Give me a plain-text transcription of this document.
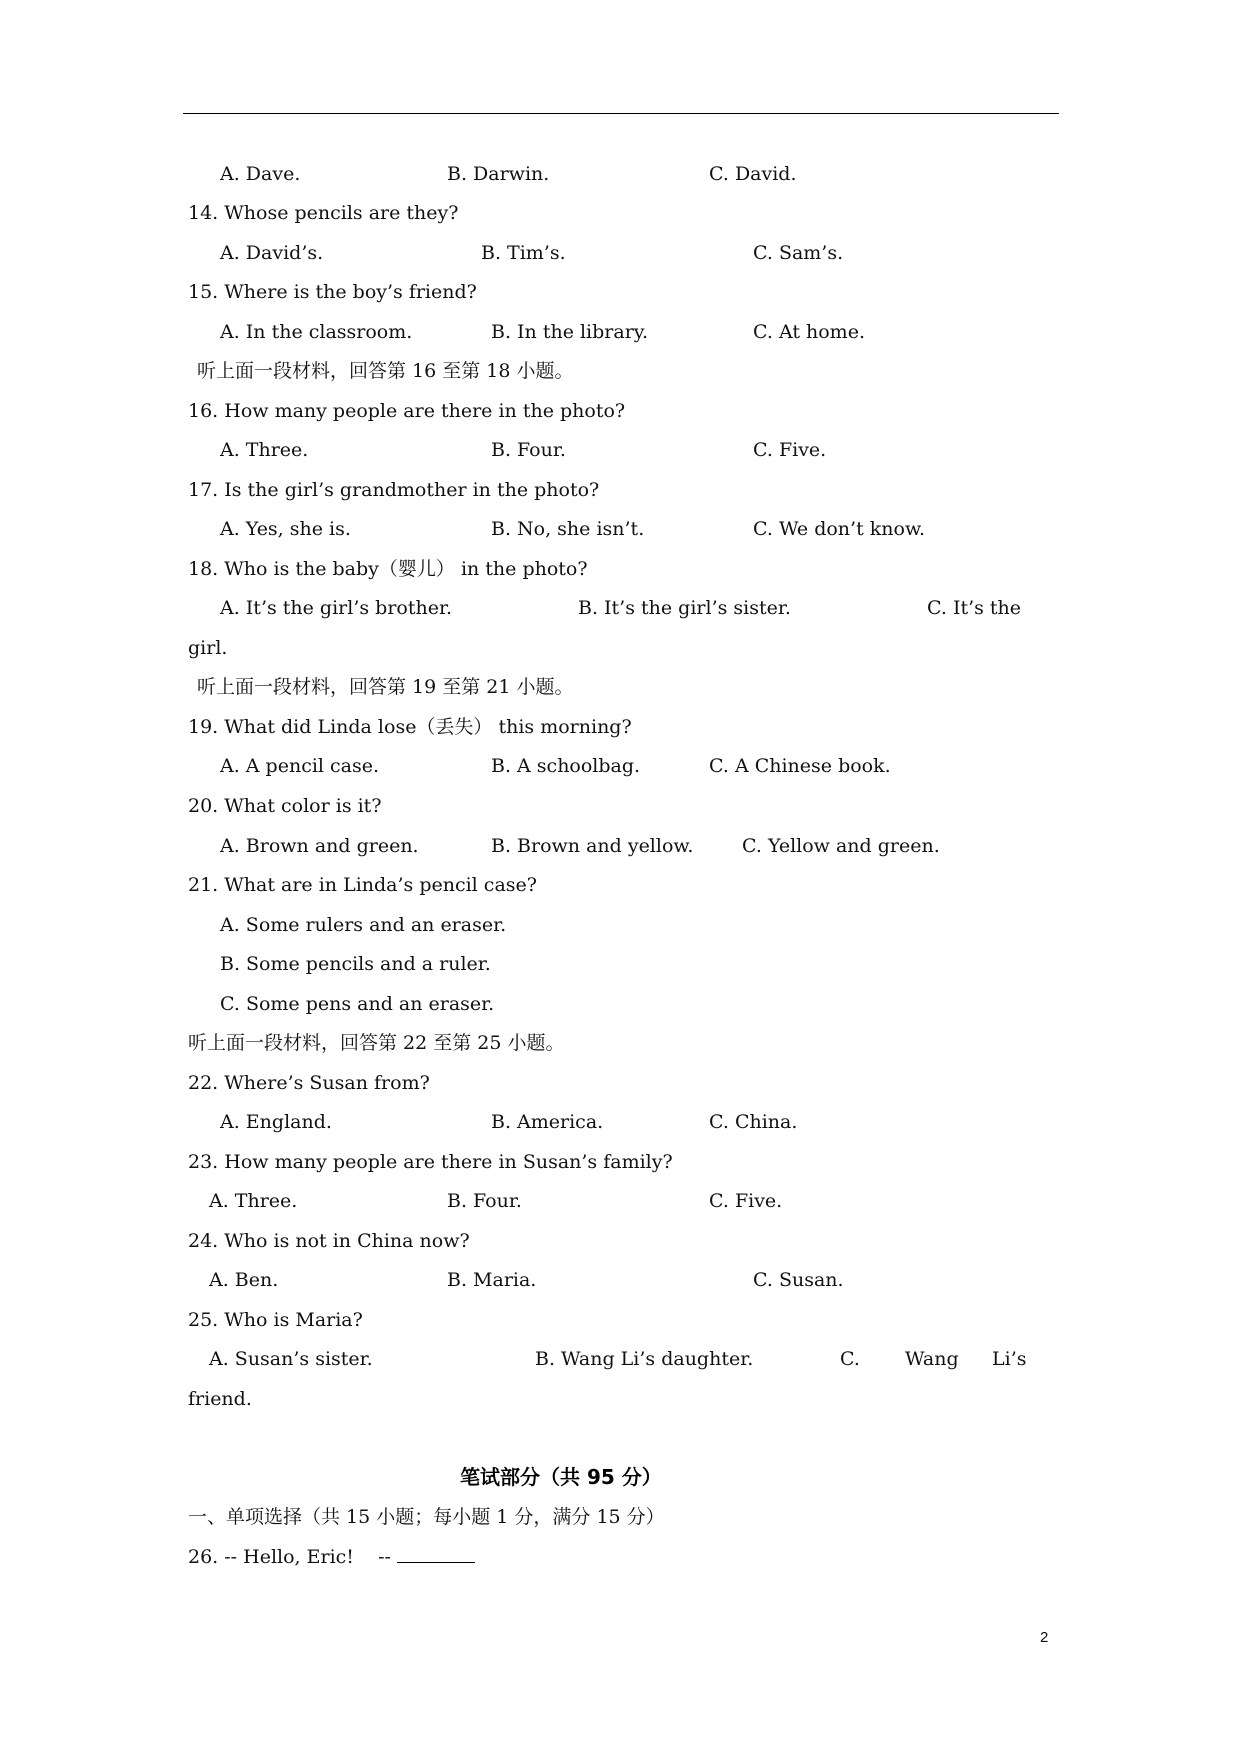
A. Dave.	B. Darwin.	C. David.
14. Whose pencils are they?
A. David’s.	B. Tim’s.	C. Sam’s.
15. Where is the boy’s friend?
A. In the classroom.	B. In the library.	C. At home.
听上面一段材料，回答第 16 至第 18 小题。
16. How many people are there in the photo?
A. Three.	B. Four.	C. Five.
17. Is the girl’s grandmother in the photo?
A. Yes, she is.	B. No, she isn’t.	C. We don’t know.
18. Who is the baby（婴儿） in the photo?
A. It’s the girl’s brother.	B. It’s the girl’s sister.	C. It’s the
girl.
听上面一段材料，回答第 19 至第 21 小题。
19. What did Linda lose（丢失） this morning?
A. A pencil case.	B. A schoolbag.	C. A Chinese book.
20. What color is it?
A. Brown and green.	B. Brown and yellow.	C. Yellow and green.
21. What are in Linda’s pencil case?
A. Some rulers and an eraser.
B. Some pencils and a ruler.
C. Some pens and an eraser.
听上面一段材料，回答第 22 至第 25 小题。
22. Where’s Susan from?
A. England.	B. America.	C. China.
23. How many people are there in Susan’s family?
A. Three.	B. Four.	C. Five.
24. Who is not in China now?
A. Ben.	B. Maria.	C. Susan.
25. Who is Maria?
A. Susan’s sister.	B. Wang Li’s daughter.	C. Wang Li’s
friend.
笔试部分（共 95 分）
一、单项选择（共 15 小题；每小题 1 分，满分 15 分）
26. -- Hello, Eric!    --
2
